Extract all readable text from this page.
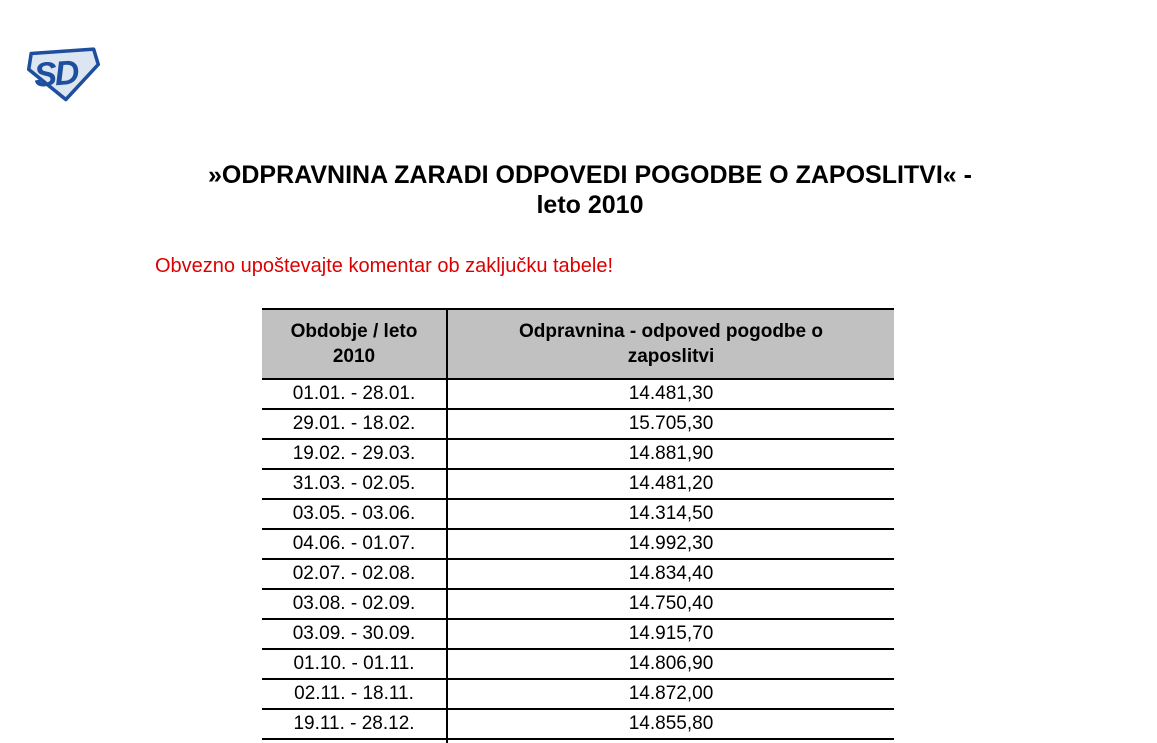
SD
»ODPRAVNINA ZARADI ODPOVEDI POGODBE O ZAPOSLITVI« -
leto 2010
Obvezno upoštevajte komentar ob zaključku tabele!
Obdobje / leto 2010	Odpravnina - odpoved pogodbe o zaposlitvi
01.01. - 28.01.	14.481,30
29.01. - 18.02.	15.705,30
19.02. - 29.03.	14.881,90
31.03. - 02.05.	14.481,20
03.05. - 03.06.	14.314,50
04.06. - 01.07.	14.992,30
02.07. - 02.08.	14.834,40
03.08. - 02.09.	14.750,40
03.09. - 30.09.	14.915,70
01.10. - 01.11.	14.806,90
02.11. - 18.11.	14.872,00
19.11. - 28.12.	14.855,80
